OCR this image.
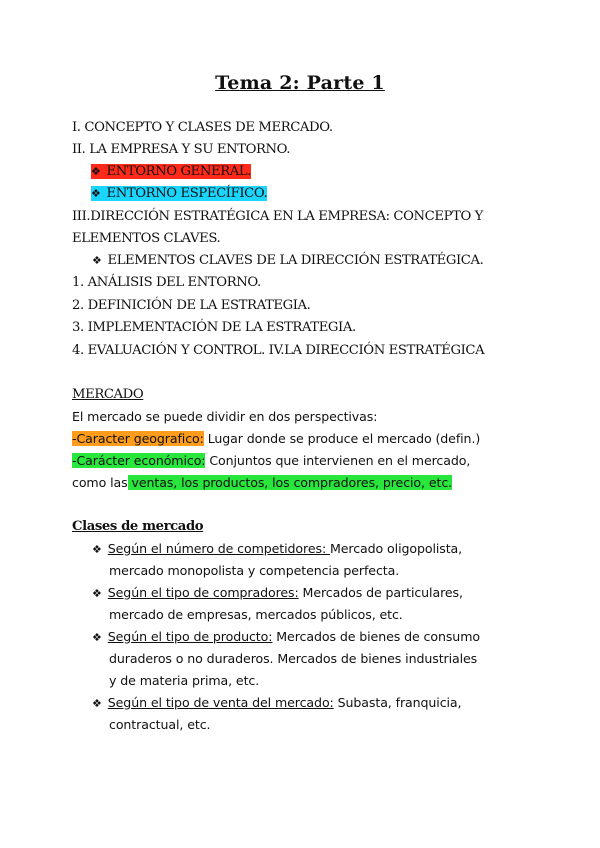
Tema 2: Parte 1
I. CONCEPTO Y CLASES DE MERCADO.
II. LA EMPRESA Y SU ENTORNO.
❖ ENTORNO GENERAL.
❖ ENTORNO ESPECÍFICO.
III.DIRECCIÓN ESTRATÉGICA EN LA EMPRESA: CONCEPTO Y
ELEMENTOS CLAVES.
❖ ELEMENTOS CLAVES DE LA DIRECCIÓN ESTRATÉGICA.
1. ANÁLISIS DEL ENTORNO.
2. DEFINICIÓN DE LA ESTRATEGIA.
3. IMPLEMENTACIÓN DE LA ESTRATEGIA.
4. EVALUACIÓN Y CONTROL. IV.LA DIRECCIÓN ESTRATÉGICA
MERCADO
El mercado se puede dividir en dos perspectivas:
-Caracter geografico: Lugar donde se produce el mercado (defin.)
-Carácter económico: Conjuntos que intervienen en el mercado,
como las ventas, los productos, los compradores, precio, etc.
Clases de mercado
❖ Según el número de competidores: Mercado oligopolista,
mercado monopolista y competencia perfecta.
❖ Según el tipo de compradores: Mercados de particulares,
mercado de empresas, mercados públicos, etc.
❖ Según el tipo de producto: Mercados de bienes de consumo
duraderos o no duraderos. Mercados de bienes industriales
y de materia prima, etc.
❖ Según el tipo de venta del mercado: Subasta, franquicia,
contractual, etc.
